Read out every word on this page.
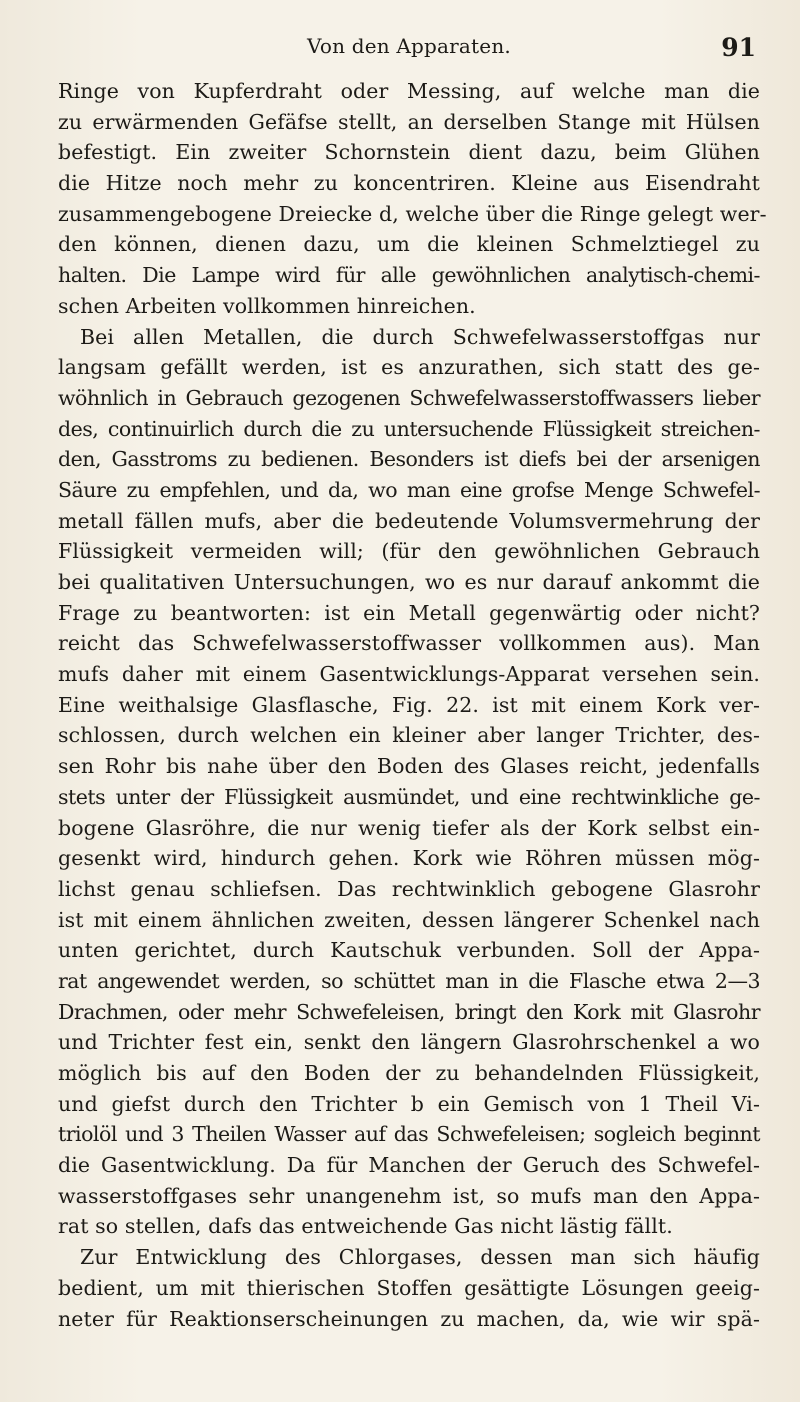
Von den Apparaten.	91
Ringe von Kupferdraht oder Messing, auf welche man die
zu erwärmenden Gefäfse stellt, an derselben Stange mit Hülsen
befestigt. Ein zweiter Schornstein dient dazu, beim Glühen
die Hitze noch mehr zu koncentriren. Kleine aus Eisendraht
zusammengebogene Dreiecke d, welche über die Ringe gelegt wer-
den können, dienen dazu, um die kleinen Schmelztiegel zu
halten. Die Lampe wird für alle gewöhnlichen analytisch-chemi-
schen Arbeiten vollkommen hinreichen.
Bei allen Metallen, die durch Schwefelwasserstoffgas nur
langsam gefällt werden, ist es anzurathen, sich statt des ge-
wöhnlich in Gebrauch gezogenen Schwefelwasserstoffwassers lieber
des, continuirlich durch die zu untersuchende Flüssigkeit streichen-
den, Gasstroms zu bedienen. Besonders ist diefs bei der arsenigen
Säure zu empfehlen, und da, wo man eine grofse Menge Schwefel-
metall fällen mufs, aber die bedeutende Volumsvermehrung der
Flüssigkeit vermeiden will; (für den gewöhnlichen Gebrauch
bei qualitativen Untersuchungen, wo es nur darauf ankommt die
Frage zu beantworten: ist ein Metall gegenwärtig oder nicht?
reicht das Schwefelwasserstoffwasser vollkommen aus). Man
mufs daher mit einem Gasentwicklungs-Apparat versehen sein.
Eine weithalsige Glasflasche, Fig. 22. ist mit einem Kork ver-
schlossen, durch welchen ein kleiner aber langer Trichter, des-
sen Rohr bis nahe über den Boden des Glases reicht, jedenfalls
stets unter der Flüssigkeit ausmündet, und eine rechtwinkliche ge-
bogene Glasröhre, die nur wenig tiefer als der Kork selbst ein-
gesenkt wird, hindurch gehen. Kork wie Röhren müssen mög-
lichst genau schliefsen. Das rechtwinklich gebogene Glasrohr
ist mit einem ähnlichen zweiten, dessen längerer Schenkel nach
unten gerichtet, durch Kautschuk verbunden. Soll der Appa-
rat angewendet werden, so schüttet man in die Flasche etwa 2—3
Drachmen, oder mehr Schwefeleisen, bringt den Kork mit Glasrohr
und Trichter fest ein, senkt den längern Glasrohrschenkel a wo
möglich bis auf den Boden der zu behandelnden Flüssigkeit,
und giefst durch den Trichter b ein Gemisch von 1 Theil Vi-
triolöl und 3 Theilen Wasser auf das Schwefeleisen; sogleich beginnt
die Gasentwicklung. Da für Manchen der Geruch des Schwefel-
wasserstoffgases sehr unangenehm ist, so mufs man den Appa-
rat so stellen, dafs das entweichende Gas nicht lästig fällt.
Zur Entwicklung des Chlorgases, dessen man sich häufig
bedient, um mit thierischen Stoffen gesättigte Lösungen geeig-
neter für Reaktionserscheinungen zu machen, da, wie wir spä-
